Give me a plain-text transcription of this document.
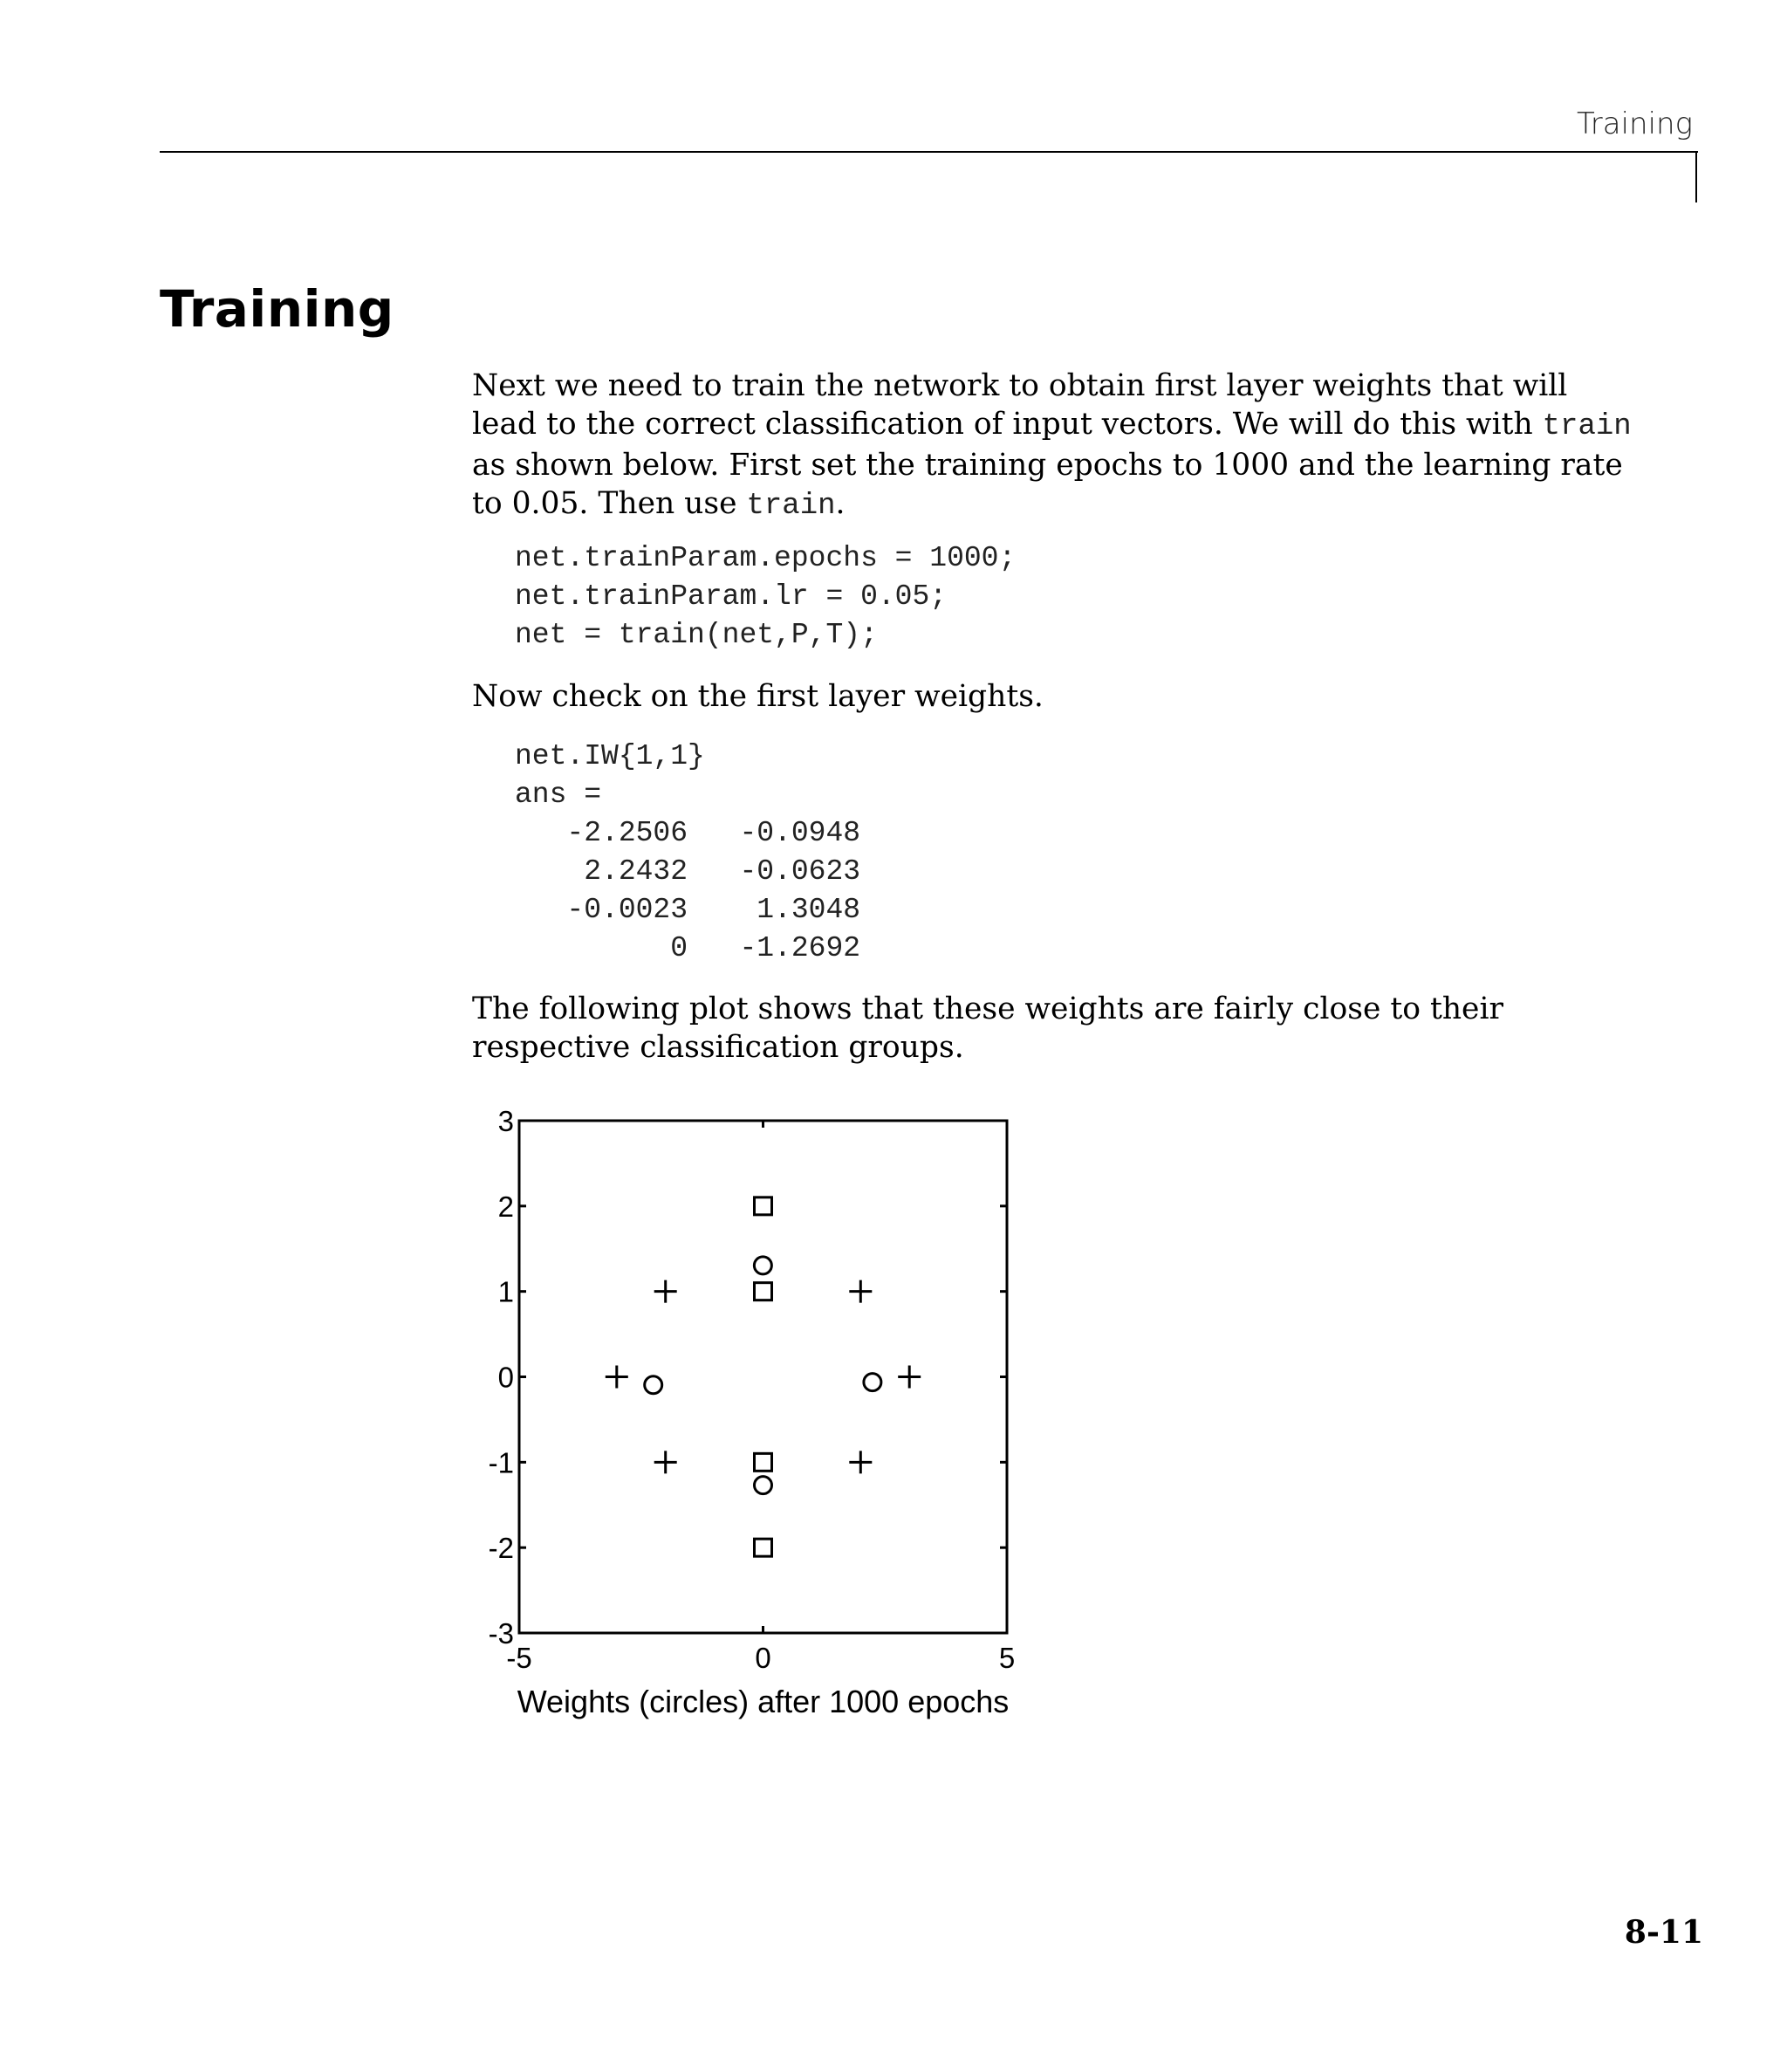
Training
Training

Next we need to train the network to obtain first layer weights that will lead to the correct classification of input vectors. We will do this with train as shown below. First set the training epochs to 1000 and the learning rate to 0.05. Then use train.

net.trainParam.epochs = 1000;
net.trainParam.lr = 0.05;
net = train(net,P,T);

Now check on the first layer weights.

net.IW{1,1}
ans =
-2.2506   -0.0948
2.2432   -0.0623
-0.0023    1.3048
0   -1.2692

The following plot shows that these weights are fairly close to their respective classification groups.

-3
-2
-1
0
1
2
3
-5	0	5
Weights (circles) after 1000 epochs
8-11
